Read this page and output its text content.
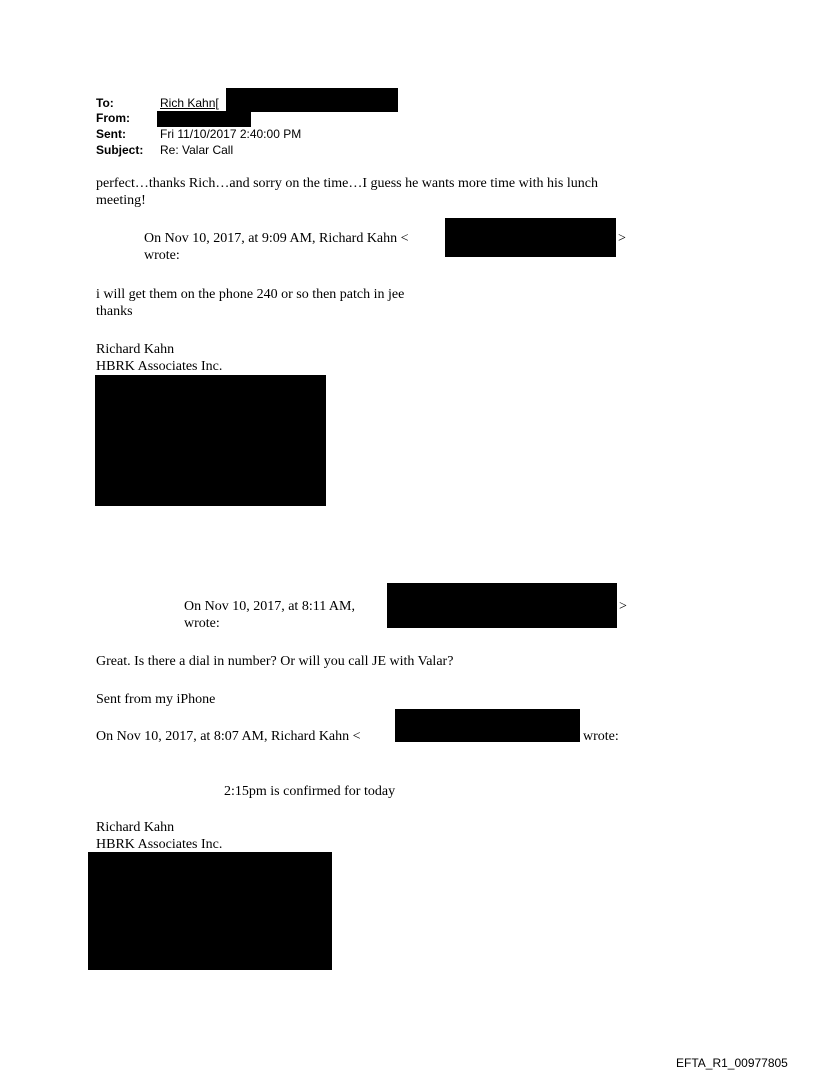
To:	Rich Kahn[
From:
Sent:	Fri 11/10/2017 2:40:00 PM
Subject: Re: Valar Call
perfect…thanks Rich…and sorry on the time…I guess he wants more time with his lunch
meeting!
On Nov 10, 2017, at 9:09 AM, Richard Kahn <	>
wrote:
i will get them on the phone 240 or so then patch in jee
thanks
Richard Kahn
HBRK Associates Inc.
On Nov 10, 2017, at 8:11 AM,	>
wrote:
Great. Is there a dial in number? Or will you call JE with Valar?
Sent from my iPhone
On Nov 10, 2017, at 8:07 AM, Richard Kahn <	wrote:
2:15pm is confirmed for today
Richard Kahn
HBRK Associates Inc.
EFTA_R1_00977805
